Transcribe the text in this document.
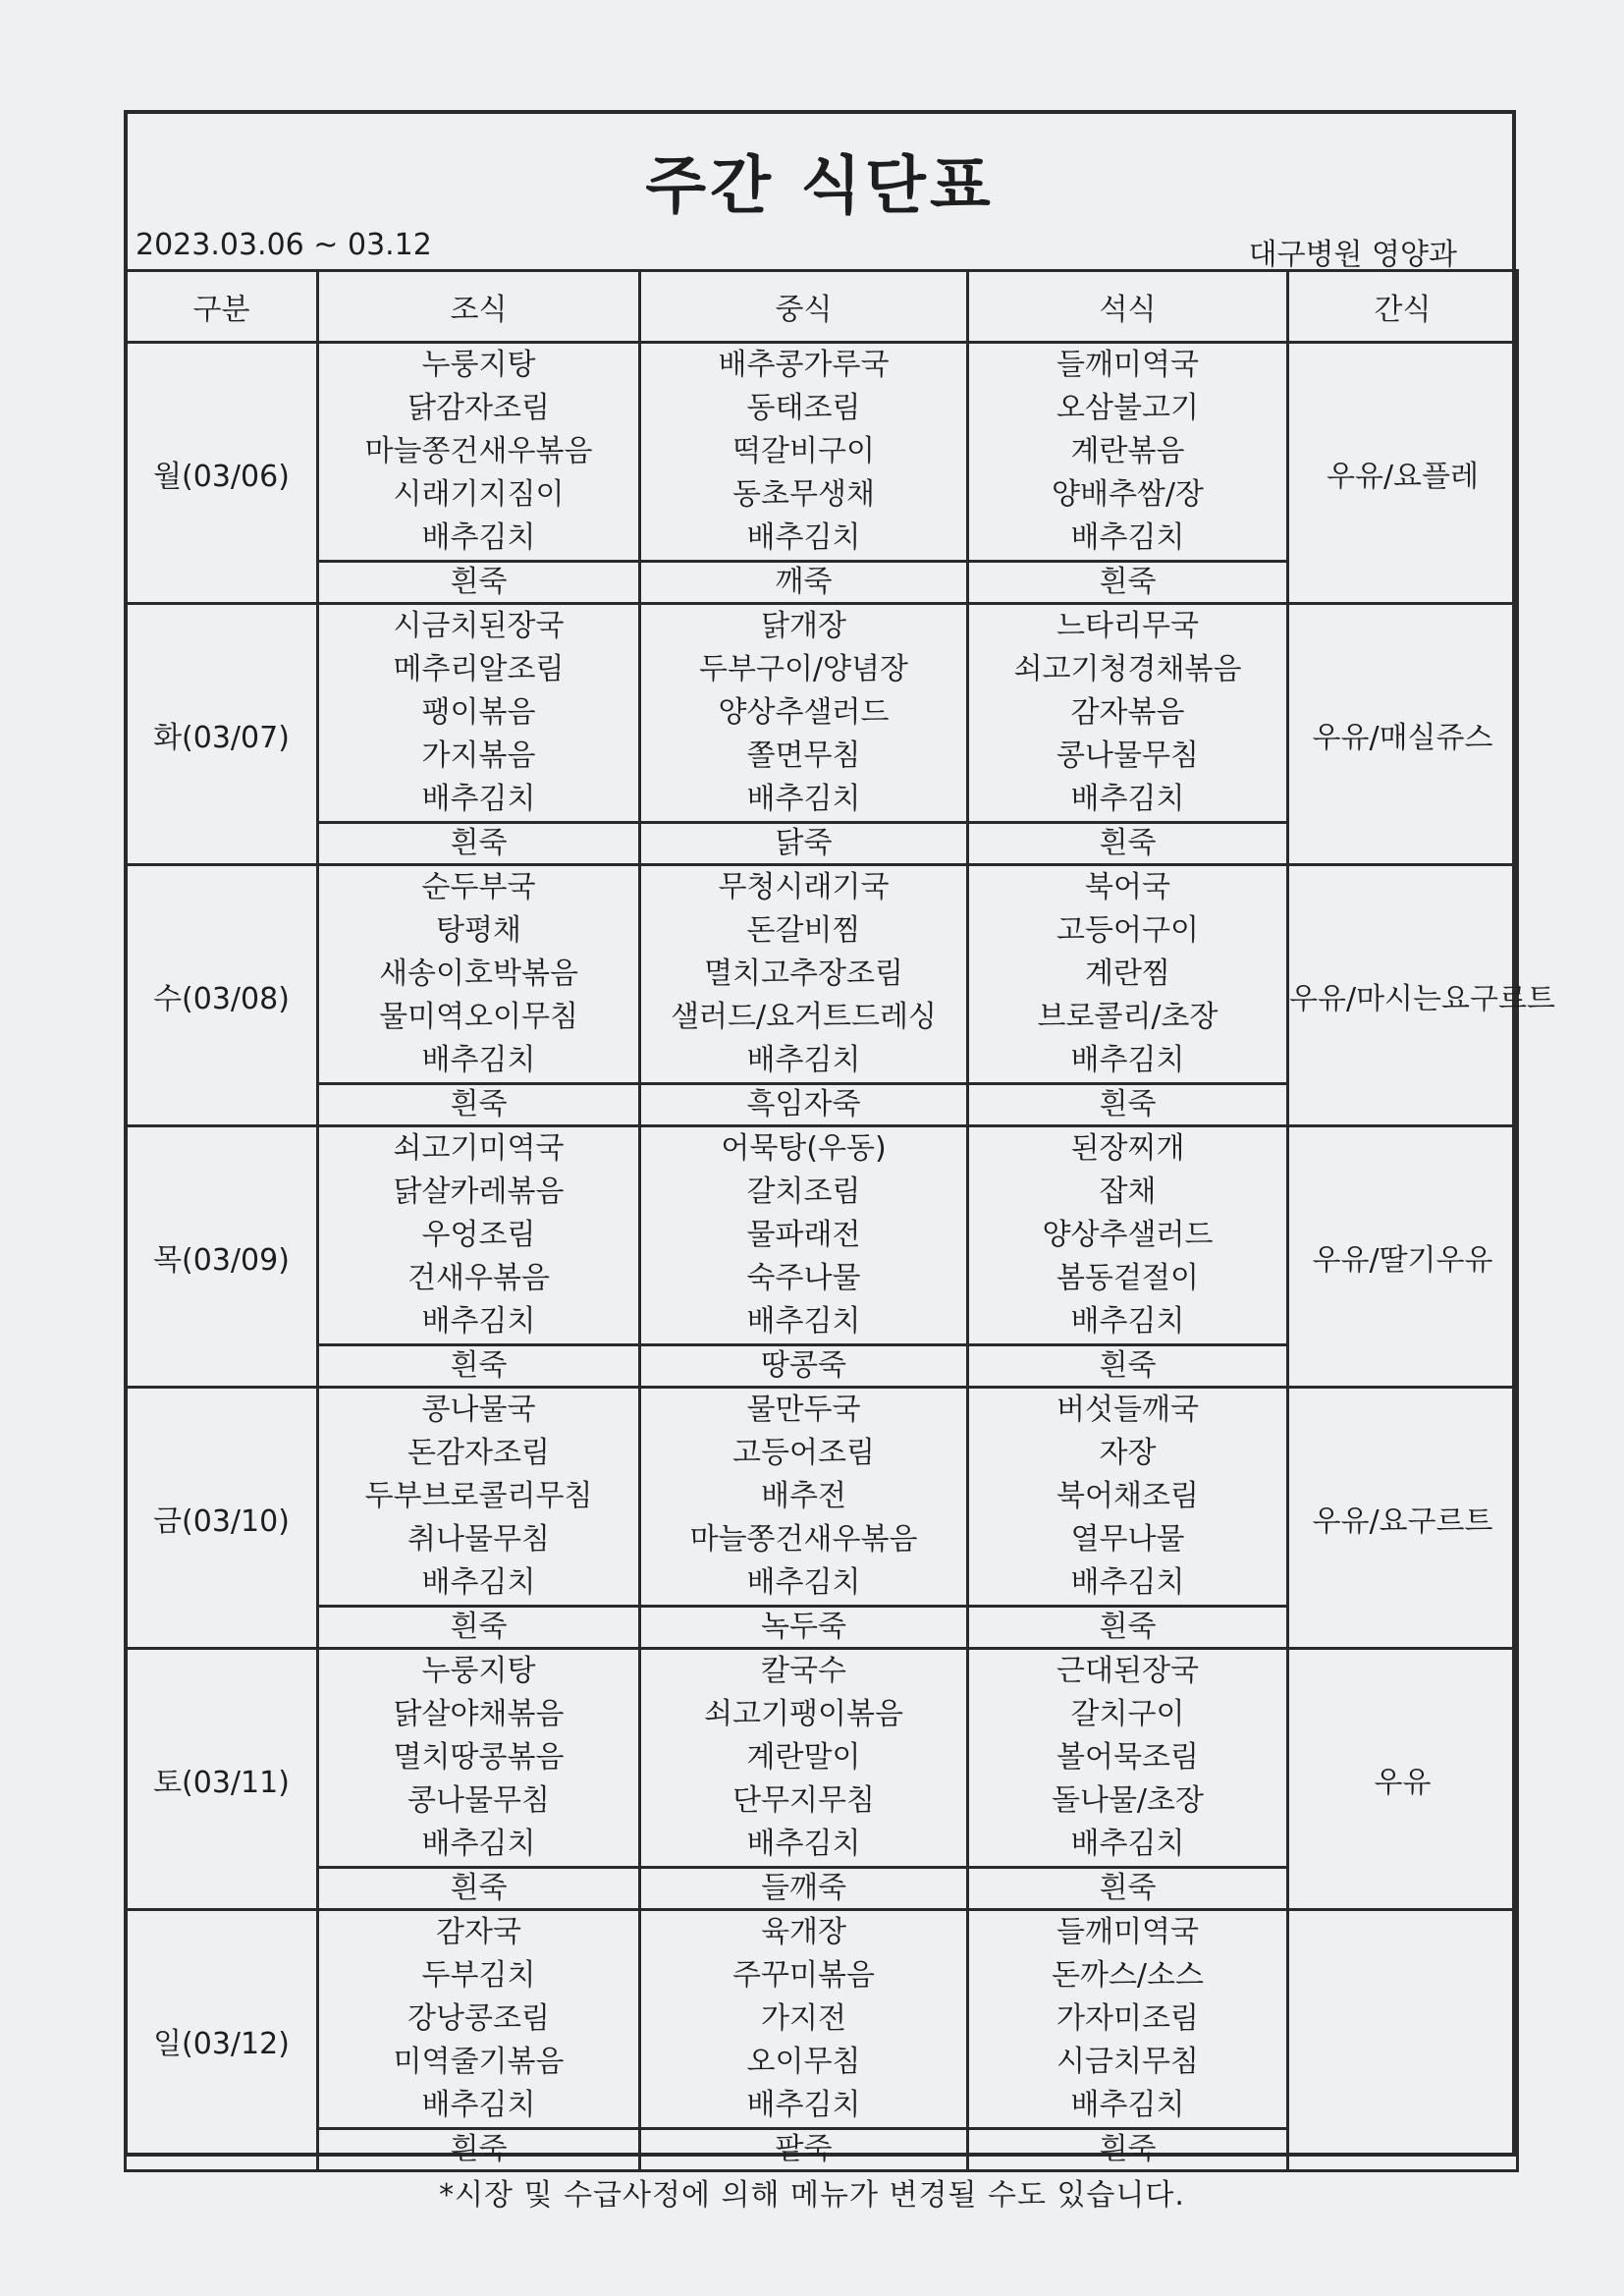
주간 식단표
2023.03.06 ~ 03.12	대구병원 영양과
구분	조식	중식	석식	간식
월(03/06)	누룽지탕
닭감자조림
마늘쫑건새우볶음
시래기지짐이
배추김치	배추콩가루국
동태조림
떡갈비구이
동초무생채
배추김치	들깨미역국
오삼불고기
계란볶음
양배추쌈/장
배추김치	우유/요플레
	흰죽	깨죽	흰죽	
화(03/07)	시금치된장국
메추리알조림
팽이볶음
가지볶음
배추김치	닭개장
두부구이/양념장
양상추샐러드
쫄면무침
배추김치	느타리무국
쇠고기청경채볶음
감자볶음
콩나물무침
배추김치	우유/매실쥬스
	흰죽	닭죽	흰죽	
수(03/08)	순두부국
탕평채
새송이호박볶음
물미역오이무침
배추김치	무청시래기국
돈갈비찜
멸치고추장조림
샐러드/요거트드레싱
배추김치	북어국
고등어구이
계란찜
브로콜리/초장
배추김치	우유/마시는요구르트
	흰죽	흑임자죽	흰죽	
목(03/09)	쇠고기미역국
닭살카레볶음
우엉조림
건새우볶음
배추김치	어묵탕(우동)
갈치조림
물파래전
숙주나물
배추김치	된장찌개
잡채
양상추샐러드
봄동겉절이
배추김치	우유/딸기우유
	흰죽	땅콩죽	흰죽	
금(03/10)	콩나물국
돈감자조림
두부브로콜리무침
취나물무침
배추김치	물만두국
고등어조림
배추전
마늘쫑건새우볶음
배추김치	버섯들깨국
자장
북어채조림
열무나물
배추김치	우유/요구르트
	흰죽	녹두죽	흰죽	
토(03/11)	누룽지탕
닭살야채볶음
멸치땅콩볶음
콩나물무침
배추김치	칼국수
쇠고기팽이볶음
계란말이
단무지무침
배추김치	근대된장국
갈치구이
볼어묵조림
돌나물/초장
배추김치	우유
	흰죽	들깨죽	흰죽	
일(03/12)	감자국
두부김치
강낭콩조림
미역줄기볶음
배추김치	육개장
주꾸미볶음
가지전
오이무침
배추김치	들깨미역국
돈까스/소스
가자미조림
시금치무침
배추김치	

	흰죽	팥죽	흰죽	
*시장 및 수급사정에 의해 메뉴가 변경될 수도 있습니다.
